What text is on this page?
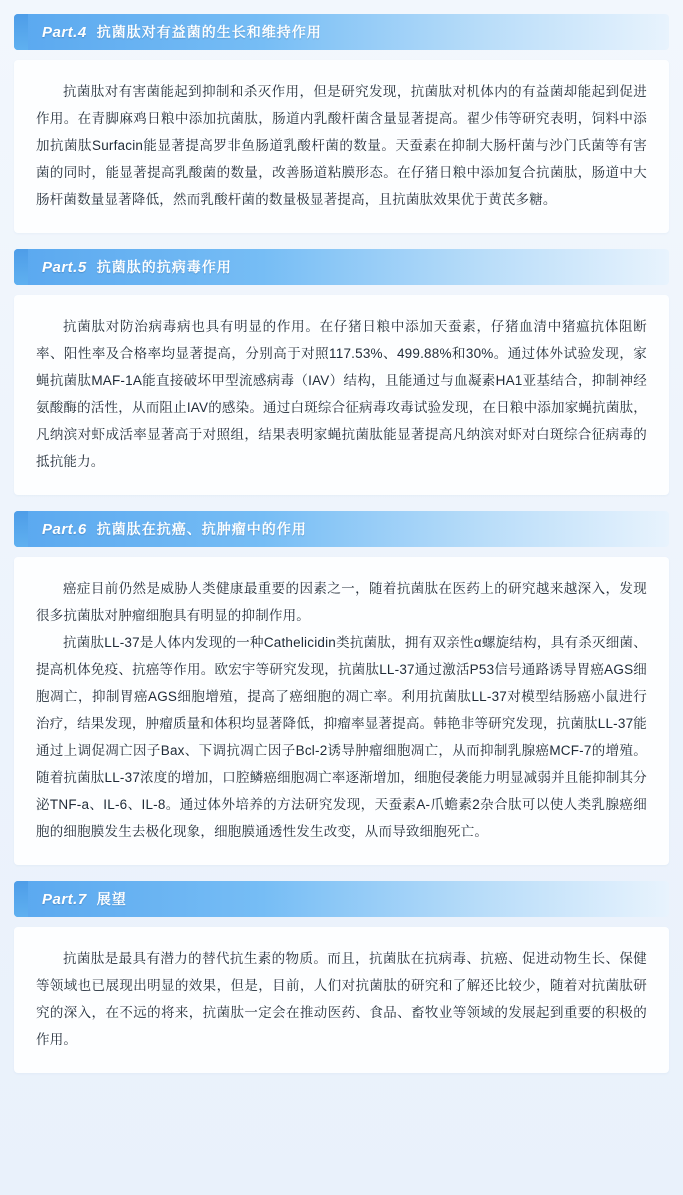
Part.4 抗菌肽对有益菌的生长和维持作用

抗菌肽对有害菌能起到抑制和杀灭作用，但是研究发现，抗菌肽对机体内的有益菌却能起到促进作用。在青脚麻鸡日粮中添加抗菌肽，肠道内乳酸杆菌含量显著提高。翟少伟等研究表明，饲料中添加抗菌肽Surfacin能显著提高罗非鱼肠道乳酸杆菌的数量。天蚕素在抑制大肠杆菌与沙门氏菌等有害菌的同时，能显著提高乳酸菌的数量，改善肠道粘膜形态。在仔猪日粮中添加复合抗菌肽，肠道中大肠杆菌数量显著降低，然而乳酸杆菌的数量极显著提高，且抗菌肽效果优于黄芪多糖。

Part.5 抗菌肽的抗病毒作用

抗菌肽对防治病毒病也具有明显的作用。在仔猪日粮中添加天蚕素，仔猪血清中猪瘟抗体阻断率、阳性率及合格率均显著提高，分别高于对照117.53%、499.88%和30%。通过体外试验发现，家蝇抗菌肽MAF-1A能直接破坏甲型流感病毒（IAV）结构，且能通过与血凝素HA1亚基结合，抑制神经氨酸酶的活性，从而阻止IAV的感染。通过白斑综合征病毒攻毒试验发现，在日粮中添加家蝇抗菌肽，凡纳滨对虾成活率显著高于对照组，结果表明家蝇抗菌肽能显著提高凡纳滨对虾对白斑综合征病毒的抵抗能力。

Part.6 抗菌肽在抗癌、抗肿瘤中的作用

癌症目前仍然是威胁人类健康最重要的因素之一，随着抗菌肽在医药上的研究越来越深入，发现很多抗菌肽对肿瘤细胞具有明显的抑制作用。

抗菌肽LL-37是人体内发现的一种Cathelicidin类抗菌肽，拥有双亲性α螺旋结构，具有杀灭细菌、提高机体免疫、抗癌等作用。欧宏宇等研究发现，抗菌肽LL-37通过激活P53信号通路诱导胃癌AGS细胞凋亡，抑制胃癌AGS细胞增殖，提高了癌细胞的凋亡率。利用抗菌肽LL-37对模型结肠癌小鼠进行治疗，结果发现，肿瘤质量和体积均显著降低，抑瘤率显著提高。韩艳非等研究发现，抗菌肽LL-37能通过上调促凋亡因子Bax、下调抗凋亡因子Bcl-2诱导肿瘤细胞凋亡，从而抑制乳腺癌MCF-7的增殖。随着抗菌肽LL-37浓度的增加，口腔鳞癌细胞凋亡率逐渐增加，细胞侵袭能力明显减弱并且能抑制其分泌TNF-a、IL-6、IL-8。通过体外培养的方法研究发现，天蚕素A-爪蟾素2杂合肽可以使人类乳腺癌细胞的细胞膜发生去极化现象，细胞膜通透性发生改变，从而导致细胞死亡。

Part.7 展望

抗菌肽是最具有潜力的替代抗生素的物质。而且，抗菌肽在抗病毒、抗癌、促进动物生长、保健等领域也已展现出明显的效果，但是，目前，人们对抗菌肽的研究和了解还比较少，随着对抗菌肽研究的深入，在不远的将来，抗菌肽一定会在推动医药、食品、畜牧业等领域的发展起到重要的积极的作用。
